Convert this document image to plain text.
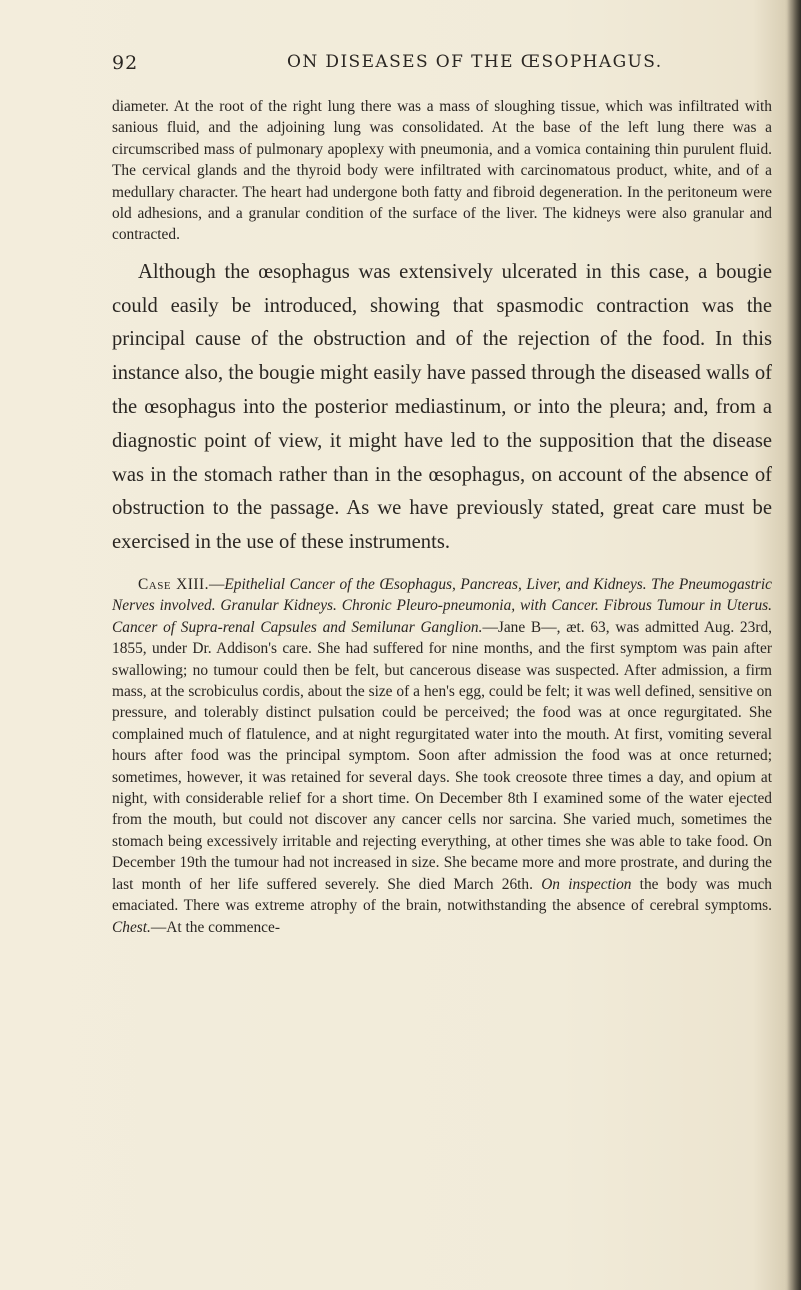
92	ON DISEASES OF THE ŒSOPHAGUS.

diameter. At the root of the right lung there was a mass of sloughing tissue, which was infiltrated with sanious fluid, and the adjoining lung was consolidated. At the base of the left lung there was a circumscribed mass of pulmonary apoplexy with pneumonia, and a vomica containing thin purulent fluid. The cervical glands and the thyroid body were infiltrated with carcinomatous product, white, and of a medullary character. The heart had undergone both fatty and fibroid degeneration. In the peritoneum were old adhesions, and a granular condition of the surface of the liver. The kidneys were also granular and contracted.

Although the œsophagus was extensively ulcerated in this case, a bougie could easily be introduced, showing that spasmodic contraction was the principal cause of the obstruction and of the rejection of the food. In this instance also, the bougie might easily have passed through the diseased walls of the œsophagus into the posterior mediastinum, or into the pleura; and, from a diagnostic point of view, it might have led to the supposition that the disease was in the stomach rather than in the œsophagus, on account of the absence of obstruction to the passage. As we have previously stated, great care must be exercised in the use of these instruments.

Case XIII.—Epithelial Cancer of the Œsophagus, Pancreas, Liver, and Kidneys. The Pneumogastric Nerves involved. Granular Kidneys. Chronic Pleuro-pneumonia, with Cancer. Fibrous Tumour in Uterus. Cancer of Supra-renal Capsules and Semilunar Ganglion.—Jane B—, æt. 63, was admitted Aug. 23rd, 1855, under Dr. Addison's care. She had suffered for nine months, and the first symptom was pain after swallowing; no tumour could then be felt, but cancerous disease was suspected. After admission, a firm mass, at the scrobiculus cordis, about the size of a hen's egg, could be felt; it was well defined, sensitive on pressure, and tolerably distinct pulsation could be perceived; the food was at once regurgitated. She complained much of flatulence, and at night regurgitated water into the mouth. At first, vomiting several hours after food was the principal symptom. Soon after admission the food was at once returned; sometimes, however, it was retained for several days. She took creosote three times a day, and opium at night, with considerable relief for a short time. On December 8th I examined some of the water ejected from the mouth, but could not discover any cancer cells nor sarcina. She varied much, sometimes the stomach being excessively irritable and rejecting everything, at other times she was able to take food. On December 19th the tumour had not increased in size. She became more and more prostrate, and during the last month of her life suffered severely. She died March 26th. On inspection the body was much emaciated. There was extreme atrophy of the brain, notwithstanding the absence of cerebral symptoms. Chest.—At the commence-
